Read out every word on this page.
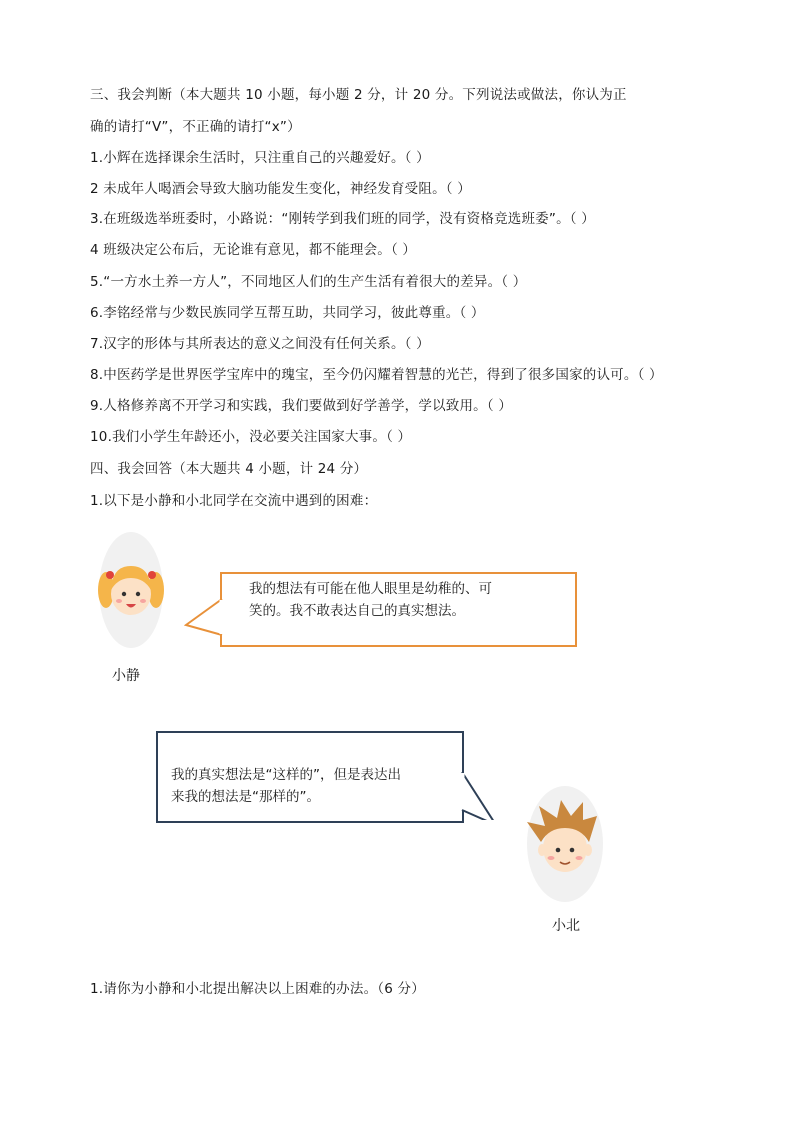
三、我会判断（本大题共 10 小题，每小题 2 分，计 20 分。下列说法或做法，你认为正
确的请打“V”，不正确的请打“x”）
1.小辉在选择课余生活时，只注重自己的兴趣爱好。（ ）
2 未成年人喝酒会导致大脑功能发生变化，神经发育受阻。（ ）
3.在班级选举班委时，小路说：“刚转学到我们班的同学，没有资格竞选班委”。（ ）
4 班级决定公布后，无论谁有意见，都不能理会。（ ）
5.“一方水土养一方人”，不同地区人们的生产生活有着很大的差异。（ ）
6.李铭经常与少数民族同学互帮互助，共同学习，彼此尊重。（ ）
7.汉字的形体与其所表达的意义之间没有任何关系。（ ）
8.中医药学是世界医学宝库中的瑰宝，至今仍闪耀着智慧的光芒，得到了很多国家的认可。（ ）
9.人格修养离不开学习和实践，我们要做到好学善学，学以致用。（ ）
10.我们小学生年龄还小，没必要关注国家大事。（ ）
四、我会回答（本大题共 4 小题，计 24 分）
1.以下是小静和小北同学在交流中遇到的困难：
我的想法有可能在他人眼里是幼稚的、可
笑的。我不敢表达自己的真实想法。
小静
我的真实想法是“这样的”，但是表达出
来我的想法是“那样的”。
小北
1.请你为小静和小北提出解决以上困难的办法。（6 分）
